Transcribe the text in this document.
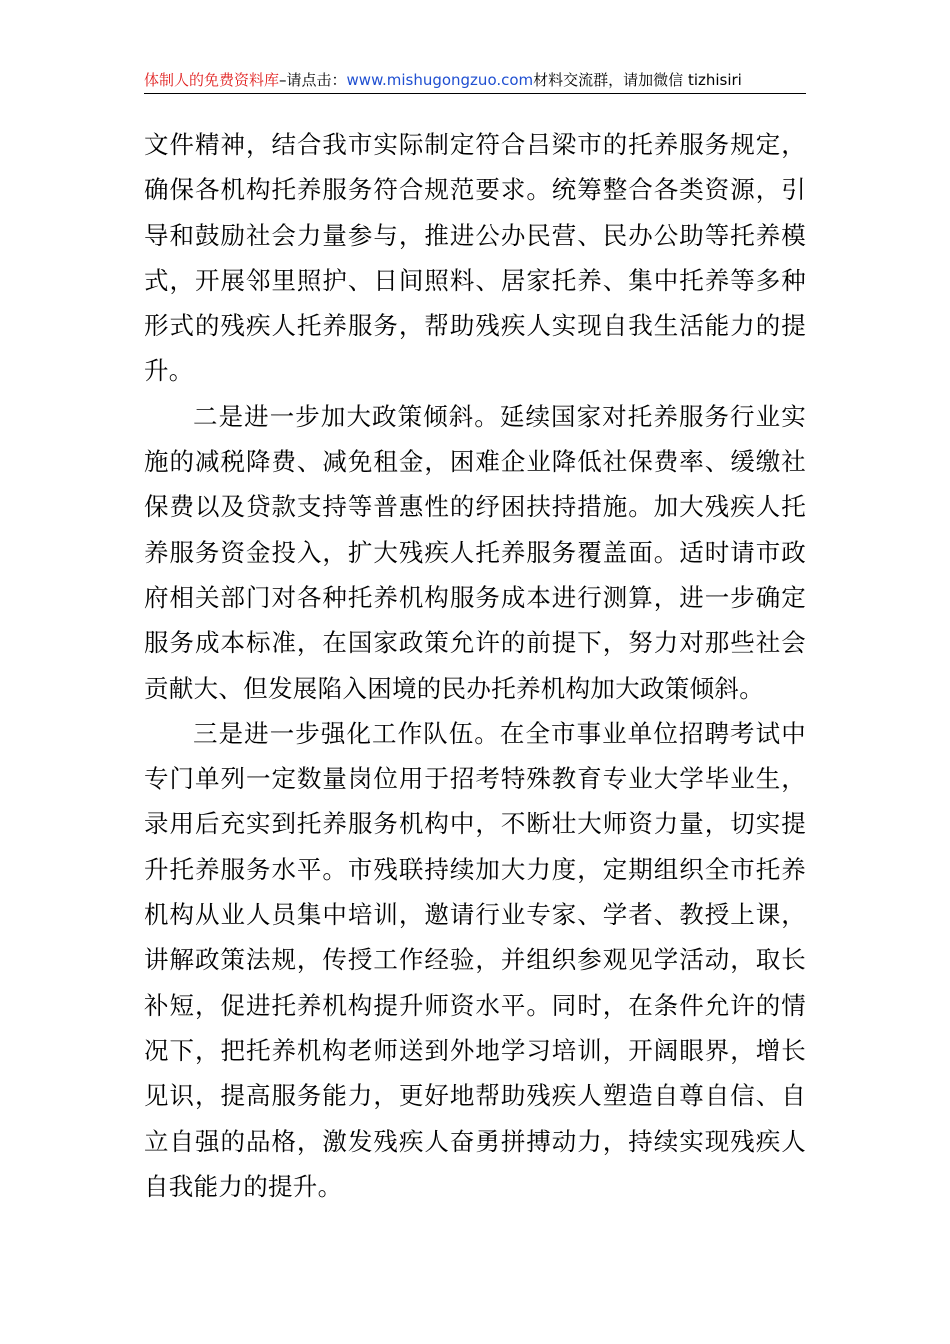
体制人的免费资料库–请点击：www.mishugongzuo.com材料交流群，请加微信 tizhisiri

文件精神，结合我市实际制定符合吕梁市的托养服务规定，确保各机构托养服务符合规范要求。统筹整合各类资源，引导和鼓励社会力量参与，推进公办民营、民办公助等托养模式，开展邻里照护、日间照料、居家托养、集中托养等多种形式的残疾人托养服务，帮助残疾人实现自我生活能力的提升。

二是进一步加大政策倾斜。延续国家对托养服务行业实施的减税降费、减免租金，困难企业降低社保费率、缓缴社保费以及贷款支持等普惠性的纾困扶持措施。加大残疾人托养服务资金投入，扩大残疾人托养服务覆盖面。适时请市政府相关部门对各种托养机构服务成本进行测算，进一步确定服务成本标准，在国家政策允许的前提下，努力对那些社会贡献大、但发展陷入困境的民办托养机构加大政策倾斜。

三是进一步强化工作队伍。在全市事业单位招聘考试中专门单列一定数量岗位用于招考特殊教育专业大学毕业生，录用后充实到托养服务机构中，不断壮大师资力量，切实提升托养服务水平。市残联持续加大力度，定期组织全市托养机构从业人员集中培训，邀请行业专家、学者、教授上课，讲解政策法规，传授工作经验，并组织参观见学活动，取长补短，促进托养机构提升师资水平。同时，在条件允许的情况下，把托养机构老师送到外地学习培训，开阔眼界，增长见识，提高服务能力，更好地帮助残疾人塑造自尊自信、自立自强的品格，激发残疾人奋勇拼搏动力，持续实现残疾人自我能力的提升。
